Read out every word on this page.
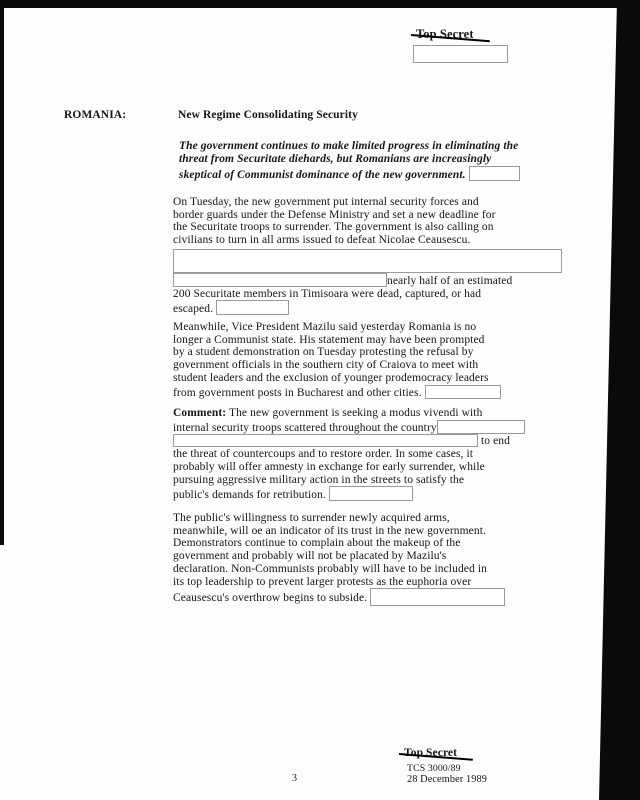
Top Secret
ROMANIA:	New Regime Consolidating Security
The government continues to make limited progress in eliminating the
threat from Securitate diehards, but Romanians are increasingly
skeptical of Communist dominance of the new government.
On Tuesday, the new government put internal security forces and
border guards under the Defense Ministry and set a new deadline for
the Securitate troops to surrender. The government is also calling on
civilians to turn in all arms issued to defeat Nicolae Ceausescu.
nearly half of an estimated
200 Securitate members in Timisoara were dead, captured, or had
escaped.
Meanwhile, Vice President Mazilu said yesterday Romania is no
longer a Communist state. His statement may have been prompted
by a student demonstration on Tuesday protesting the refusal by
government officials in the southern city of Craiova to meet with
student leaders and the exclusion of younger prodemocracy leaders
from government posts in Bucharest and other cities.
Comment: The new government is seeking a modus vivendi with
internal security troops scattered throughout the country
to end
the threat of countercoups and to restore order. In some cases, it
probably will offer amnesty in exchange for early surrender, while
pursuing aggressive military action in the streets to satisfy the
public's demands for retribution.
The public's willingness to surrender newly acquired arms,
meanwhile, will oe an indicator of its trust in the new government.
Demonstrators continue to complain about the makeup of the
government and probably will not be placated by Mazilu's
declaration. Non-Communists probably will have to be included in
its top leadership to prevent larger protests as the euphoria over
Ceausescu's overthrow begins to subside.
Top Secret
TCS 3000/89
28 December 1989
3
